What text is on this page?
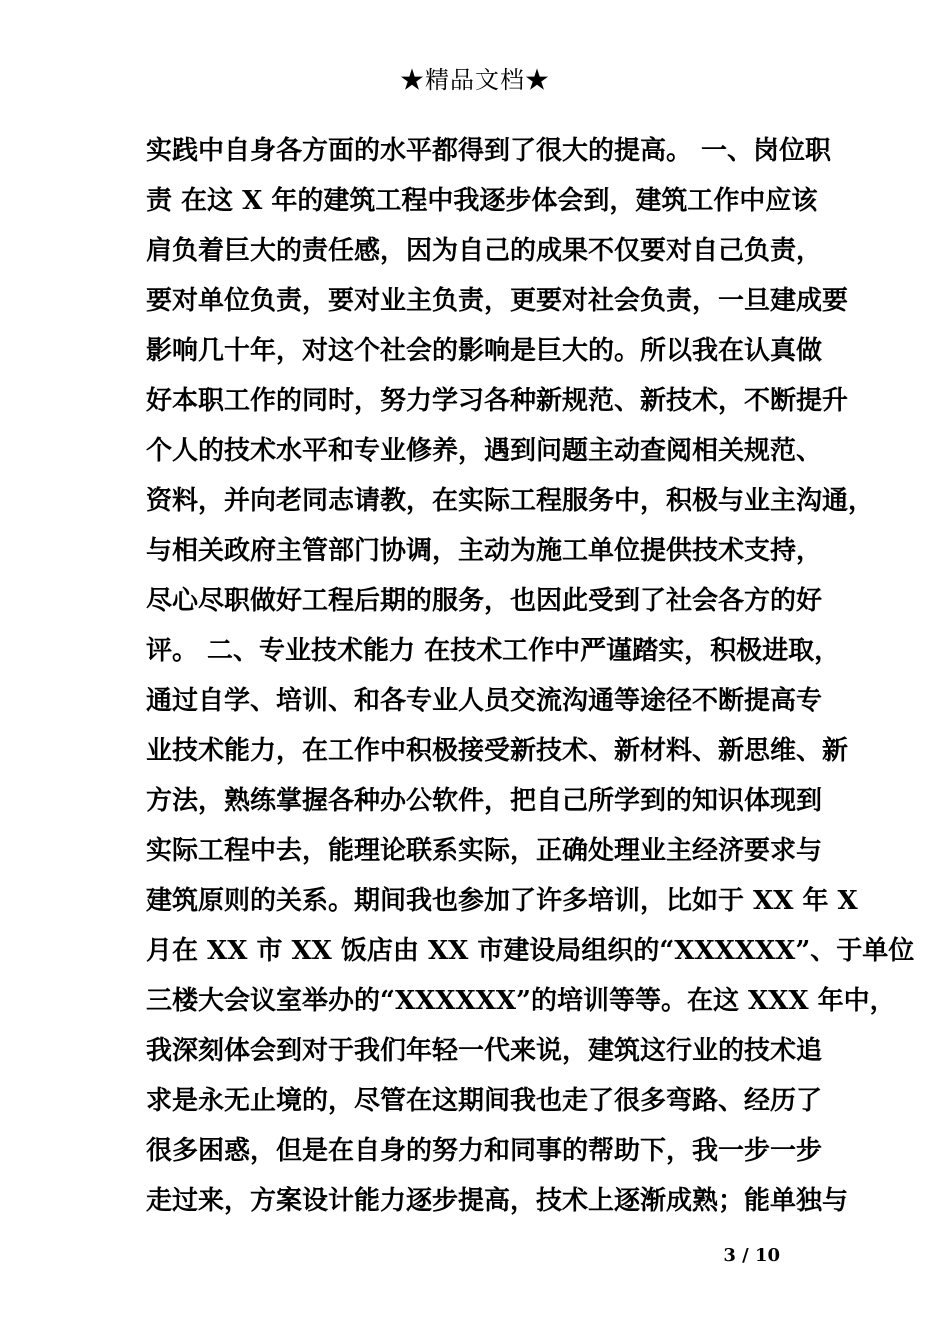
★精品文档★
实践中自身各方面的水平都得到了很大的提高。 一、岗位职
责 在这 X 年的建筑工程中我逐步体会到，建筑工作中应该
肩负着巨大的责任感，因为自己的成果不仅要对自己负责，
要对单位负责，要对业主负责，更要对社会负责，一旦建成要
影响几十年，对这个社会的影响是巨大的。所以我在认真做
好本职工作的同时，努力学习各种新规范、新技术，不断提升
个人的技术水平和专业修养，遇到问题主动查阅相关规范、
资料，并向老同志请教，在实际工程服务中，积极与业主沟通，
与相关政府主管部门协调，主动为施工单位提供技术支持，
尽心尽职做好工程后期的服务，也因此受到了社会各方的好
评。 二、专业技术能力 在技术工作中严谨踏实，积极进取，
通过自学、培训、和各专业人员交流沟通等途径不断提高专
业技术能力，在工作中积极接受新技术、新材料、新思维、新
方法，熟练掌握各种办公软件，把自己所学到的知识体现到
实际工程中去，能理论联系实际，正确处理业主经济要求与
建筑原则的关系。期间我也参加了许多培训，比如于 XX 年 X
月在 XX 市 XX 饭店由 XX 市建设局组织的“XXXXXX”、于单位
三楼大会议室举办的“XXXXXX”的培训等等。在这 XXX 年中，
我深刻体会到对于我们年轻一代来说，建筑这行业的技术追
求是永无止境的，尽管在这期间我也走了很多弯路、经历了
很多困惑，但是在自身的努力和同事的帮助下，我一步一步
走过来，方案设计能力逐步提高，技术上逐渐成熟；能单独与
3 / 10
